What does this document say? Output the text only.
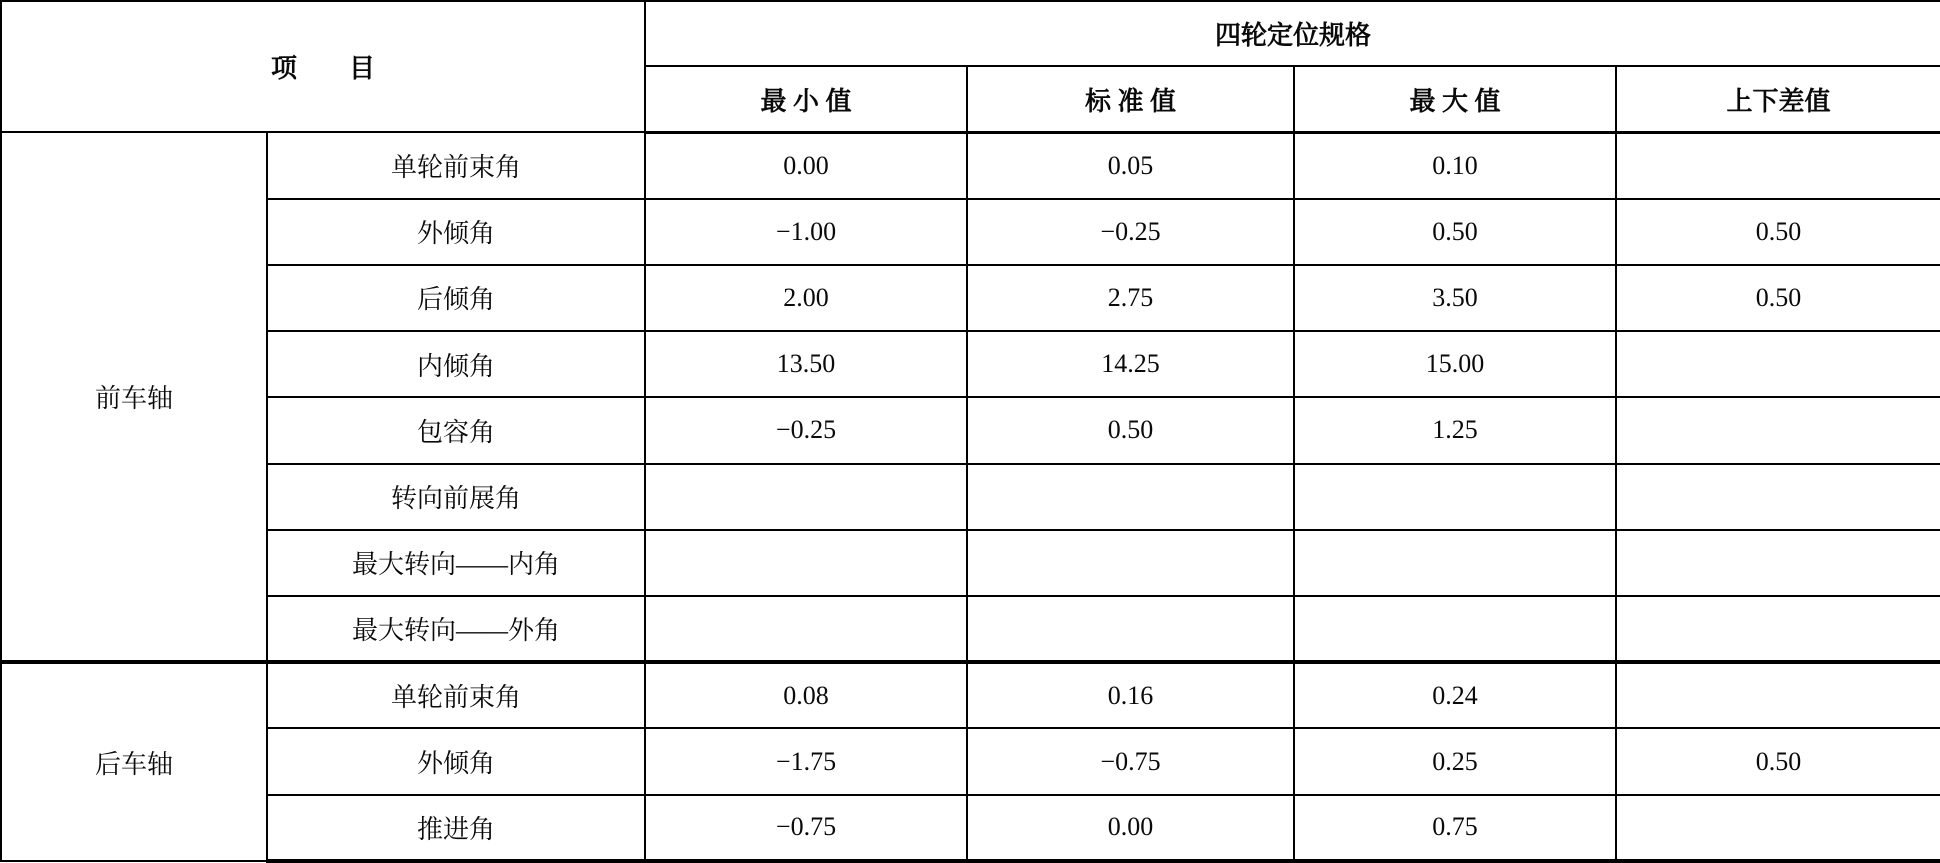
项　　目		四轮定位规格			
		最 小 值	标 准 值	最 大 值	上下差值
前车轴	单轮前束角	0.00	0.05	0.10	
	外倾角	−1.00	−0.25	0.50	0.50
	后倾角	2.00	2.75	3.50	0.50
	内倾角	13.50	14.25	15.00	
	包容角	−0.25	0.50	1.25	
	转向前展角				
	最大转向——内角				
	最大转向——外角				
后车轴	单轮前束角	0.08	0.16	0.24	
	外倾角	−1.75	−0.75	0.25	0.50
	推进角	−0.75	0.00	0.75	
